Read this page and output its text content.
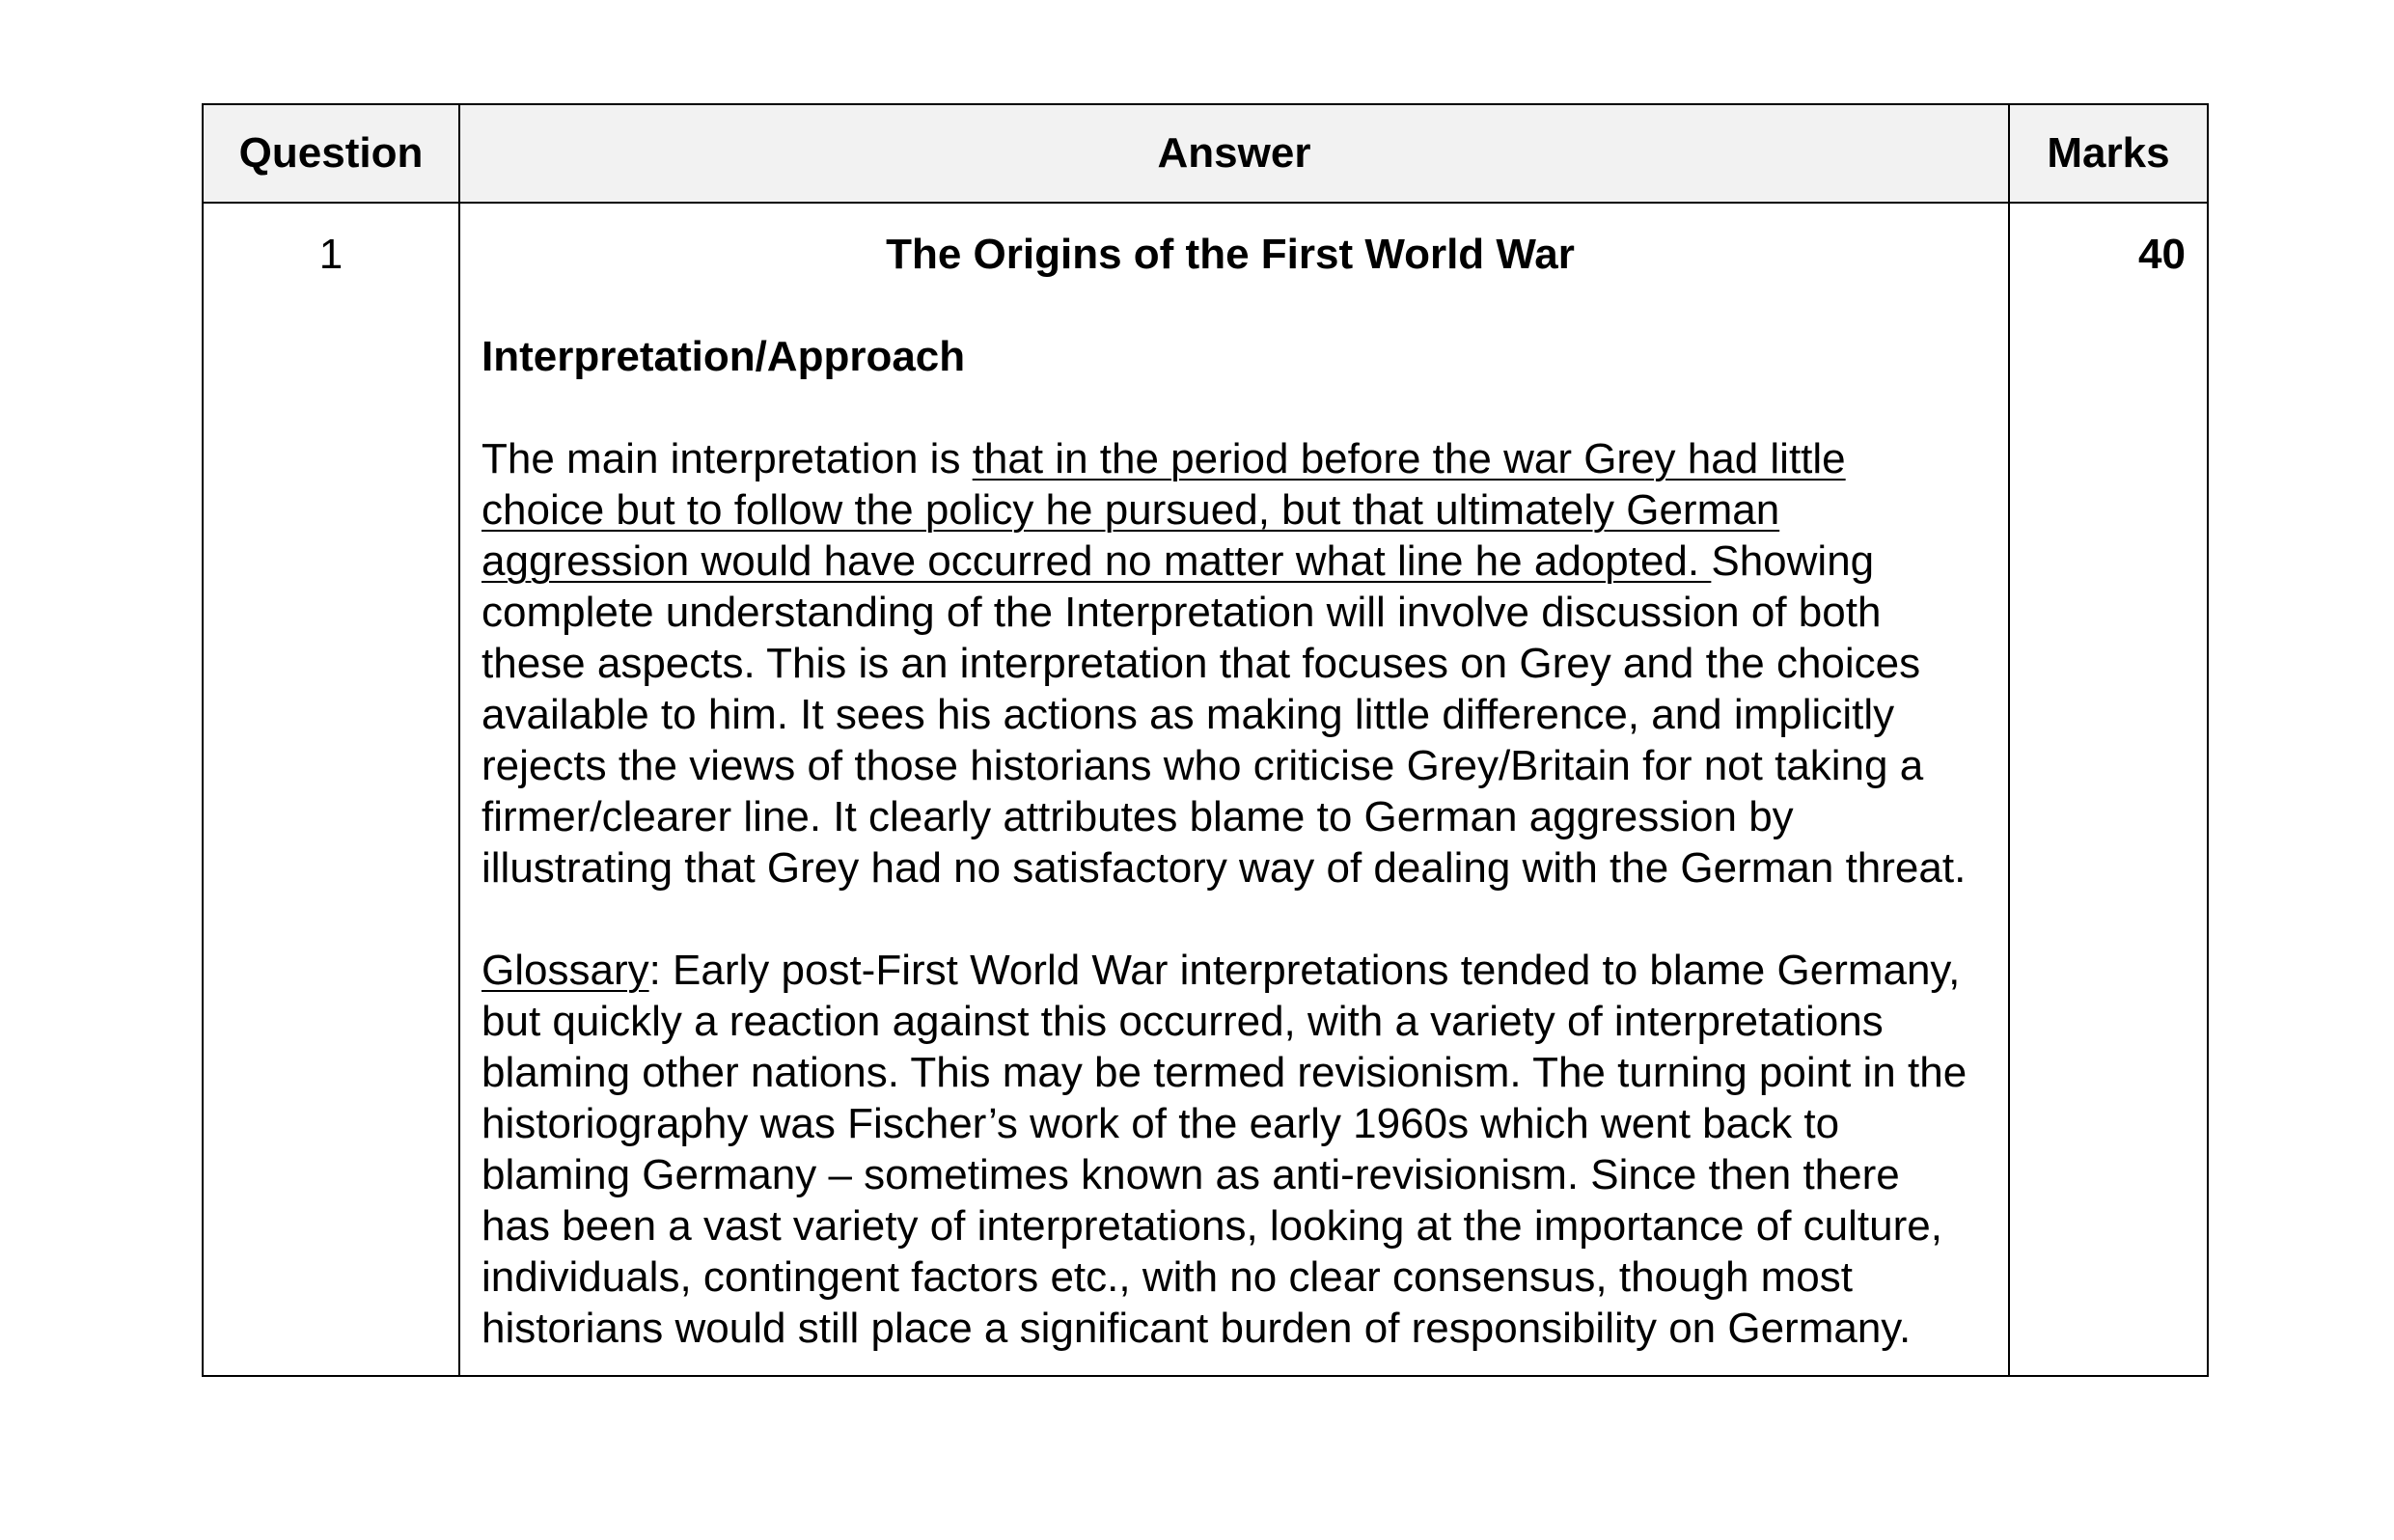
Question	Answer	Marks
1	The Origins of the First World War

Interpretation/Approach

The main interpretation is that in the period before the war Grey had little choice but to follow the policy he pursued, but that ultimately German aggression would have occurred no matter what line he adopted. Showing complete understanding of the Interpretation will involve discussion of both these aspects. This is an interpretation that focuses on Grey and the choices available to him. It sees his actions as making little difference, and implicitly rejects the views of those historians who criticise Grey/Britain for not taking a firmer/clearer line. It clearly attributes blame to German aggression by illustrating that Grey had no satisfactory way of dealing with the German threat.

Glossary: Early post-First World War interpretations tended to blame Germany, but quickly a reaction against this occurred, with a variety of interpretations blaming other nations. This may be termed revisionism. The turning point in the historiography was Fischer’s work of the early 1960s which went back to blaming Germany – sometimes known as anti-revisionism. Since then there has been a vast variety of interpretations, looking at the importance of culture, individuals, contingent factors etc., with no clear consensus, though most historians would still place a significant burden of responsibility on Germany.	40
